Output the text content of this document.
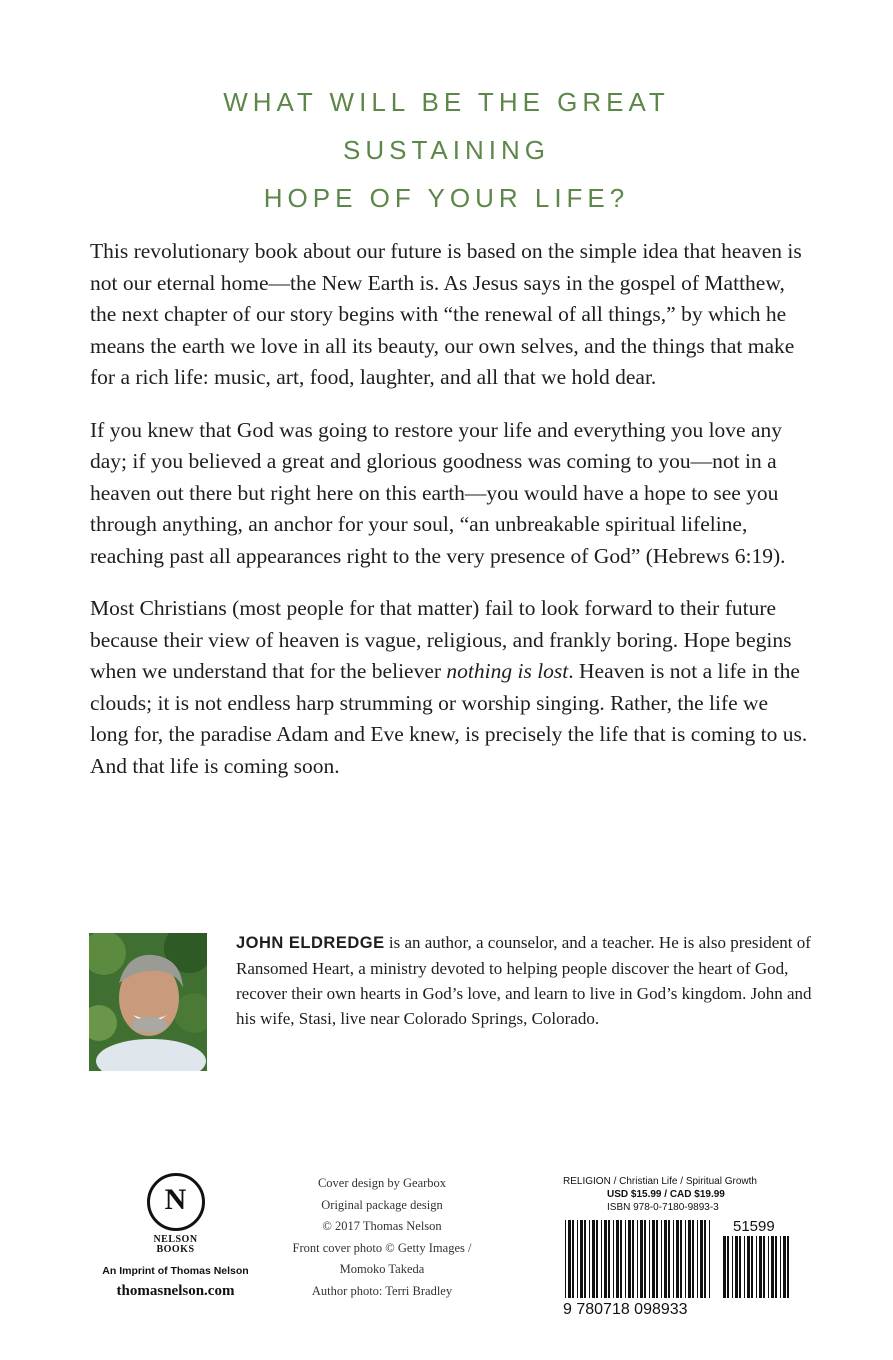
WHAT WILL BE THE GREAT
SUSTAINING
HOPE OF YOUR LIFE?

This revolutionary book about our future is based on the simple idea that heaven is not our eternal home—the New Earth is. As Jesus says in the gospel of Matthew, the next chapter of our story begins with “the renewal of all things,” by which he means the earth we love in all its beauty, our own selves, and the things that make for a rich life: music, art, food, laughter, and all that we hold dear.

If you knew that God was going to restore your life and everything you love any day; if you believed a great and glorious goodness was coming to you—not in a heaven out there but right here on this earth—you would have a hope to see you through anything, an anchor for your soul, “an unbreakable spiritual lifeline, reaching past all appearances right to the very presence of God” (Hebrews 6:19).

Most Christians (most people for that matter) fail to look forward to their future because their view of heaven is vague, religious, and frankly boring. Hope begins when we understand that for the believer nothing is lost. Heaven is not a life in the clouds; it is not endless harp strumming or worship singing. Rather, the life we long for, the paradise Adam and Eve knew, is precisely the life that is coming to us. And that life is coming soon.

JOHN ELDREDGE is an author, a counselor, and a teacher. He is also president of Ransomed Heart, a ministry devoted to helping people discover the heart of God, recover their own hearts in God’s love, and learn to live in God’s kingdom. John and his wife, Stasi, live near Colorado Springs, Colorado.
N
NELSON
BOOKS
An Imprint of Thomas Nelson
thomasnelson.com
Cover design by Gearbox
Original package design
© 2017 Thomas Nelson
Front cover photo © Getty Images /
Momoko Takeda
Author photo: Terri Bradley
RELIGION / Christian Life / Spiritual Growth
USD $15.99 / CAD $19.99
ISBN 978-0-7180-9893-3
9 780718 098933
51599
